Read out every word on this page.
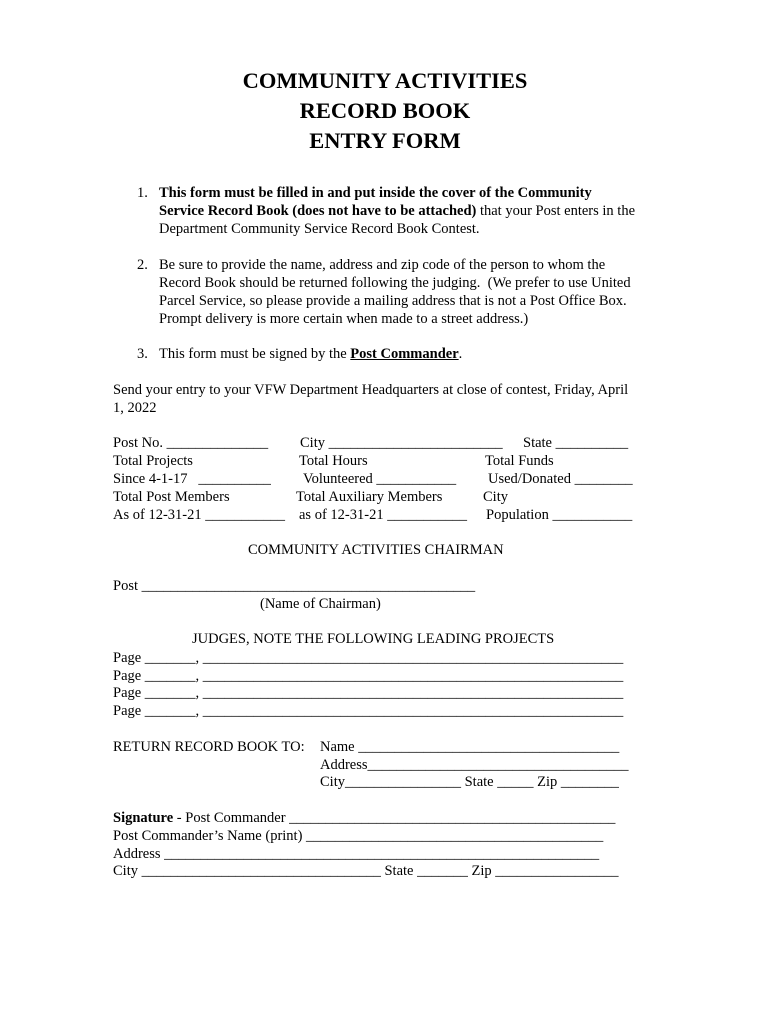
COMMUNITY ACTIVITIES
RECORD BOOK
ENTRY FORM
1. This form must be filled in and put inside the cover of the Community
Service Record Book (does not have to be attached) that your Post enters in the
Department Community Service Record Book Contest.
2. Be sure to provide the name, address and zip code of the person to whom the
Record Book should be returned following the judging.  (We prefer to use United
Parcel Service, so please provide a mailing address that is not a Post Office Box.
Prompt delivery is more certain when made to a street address.)
3. This form must be signed by the Post Commander.
Send your entry to your VFW Department Headquarters at close of contest, Friday, April
1, 2022
Post No. ______________ City ________________________ State __________
Total Projects	Total Hours	Total Funds
Since 4-1-17   __________ Volunteered ___________ Used/Donated ________
Total Post Members	Total Auxiliary Members	City
As of 12-31-21 ___________ as of 12-31-21 ___________ Population ___________
COMMUNITY ACTIVITIES CHAIRMAN
Post ______________________________________________
(Name of Chairman)
JUDGES, NOTE THE FOLLOWING LEADING PROJECTS
Page _______, __________________________________________________________
Page _______, __________________________________________________________
Page _______, __________________________________________________________
Page _______, __________________________________________________________
RETURN RECORD BOOK TO: Name ____________________________________
Address____________________________________
City________________ State _____ Zip ________
Signature - Post Commander _____________________________________________
Post Commander’s Name (print) _________________________________________
Address ____________________________________________________________
City _________________________________ State _______ Zip _________________
